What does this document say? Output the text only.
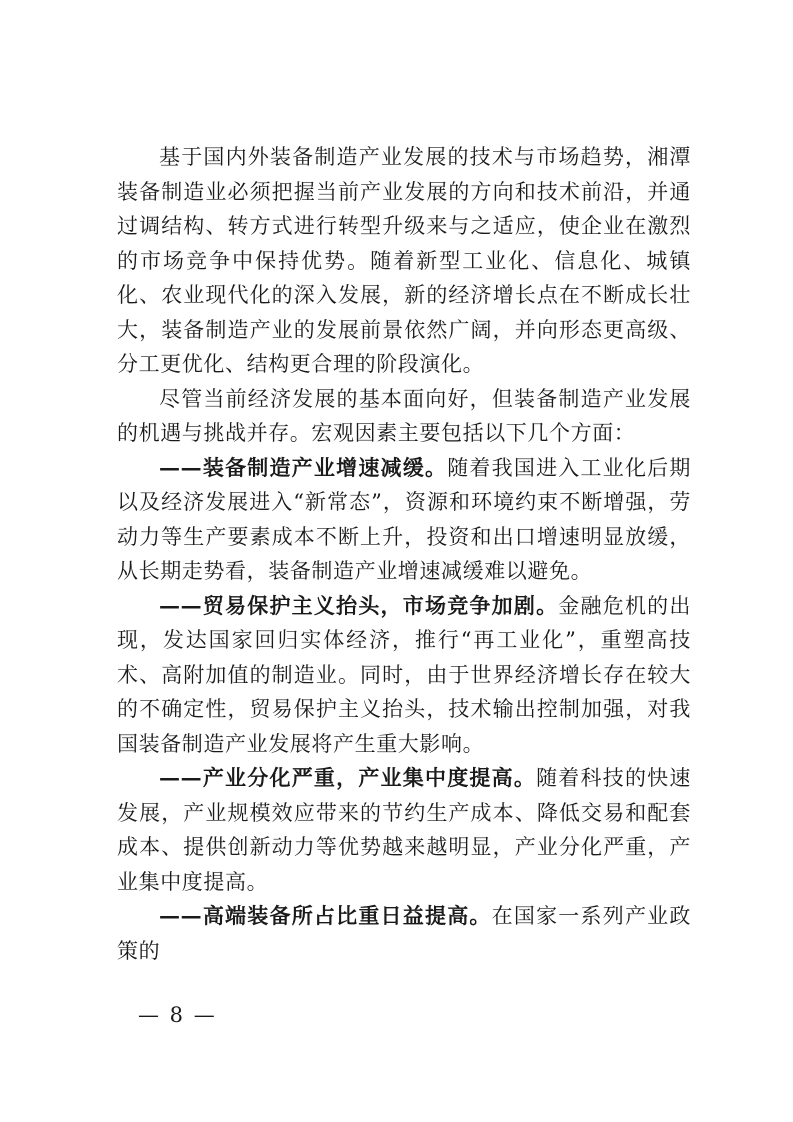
基于国内外装备制造产业发展的技术与市场趋势，湘潭装备制造业必须把握当前产业发展的方向和技术前沿，并通过调结构、转方式进行转型升级来与之适应，使企业在激烈的市场竞争中保持优势。随着新型工业化、信息化、城镇化、农业现代化的深入发展，新的经济增长点在不断成长壮大，装备制造产业的发展前景依然广阔，并向形态更高级、分工更优化、结构更合理的阶段演化。

尽管当前经济发展的基本面向好，但装备制造产业发展的机遇与挑战并存。宏观因素主要包括以下几个方面：

——装备制造产业增速减缓。随着我国进入工业化后期以及经济发展进入“新常态”，资源和环境约束不断增强，劳动力等生产要素成本不断上升，投资和出口增速明显放缓，从长期走势看，装备制造产业增速减缓难以避免。

——贸易保护主义抬头，市场竞争加剧。金融危机的出现，发达国家回归实体经济，推行“再工业化”，重塑高技术、高附加值的制造业。同时，由于世界经济增长存在较大的不确定性，贸易保护主义抬头，技术输出控制加强，对我国装备制造产业发展将产生重大影响。

——产业分化严重，产业集中度提高。随着科技的快速发展，产业规模效应带来的节约生产成本、降低交易和配套成本、提供创新动力等优势越来越明显，产业分化严重，产业集中度提高。

——高端装备所占比重日益提高。在国家一系列产业政策的

— 8 —
